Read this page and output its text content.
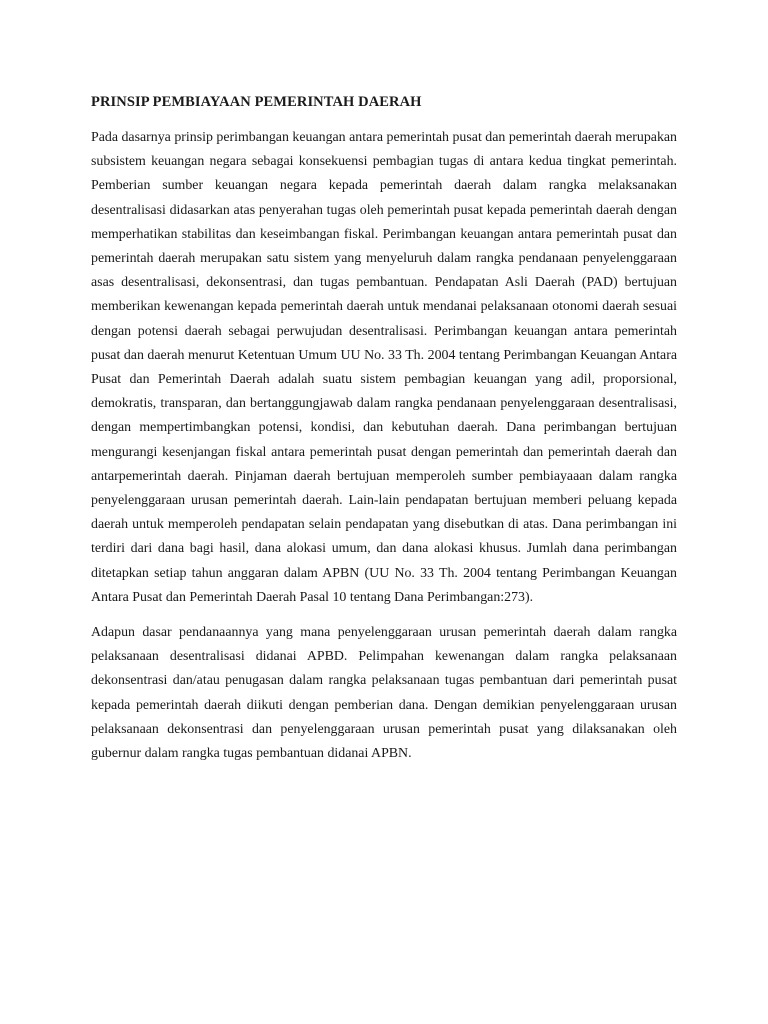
PRINSIP PEMBIAYAAN PEMERINTAH DAERAH

Pada dasarnya prinsip perimbangan keuangan antara pemerintah pusat dan pemerintah daerah merupakan subsistem keuangan negara sebagai konsekuensi pembagian tugas di antara kedua tingkat pemerintah. Pemberian sumber keuangan negara kepada pemerintah daerah dalam rangka melaksanakan desentralisasi didasarkan atas penyerahan tugas oleh pemerintah pusat kepada pemerintah daerah dengan memperhatikan stabilitas dan keseimbangan fiskal. Perimbangan keuangan antara pemerintah pusat dan pemerintah daerah merupakan satu sistem yang menyeluruh dalam rangka pendanaan penyelenggaraan asas desentralisasi, dekonsentrasi, dan tugas pembantuan. Pendapatan Asli Daerah (PAD) bertujuan memberikan kewenangan kepada pemerintah daerah untuk mendanai pelaksanaan otonomi daerah sesuai dengan potensi daerah sebagai perwujudan desentralisasi. Perimbangan keuangan antara pemerintah pusat dan daerah menurut Ketentuan Umum UU No. 33 Th. 2004 tentang Perimbangan Keuangan Antara Pusat dan Pemerintah Daerah adalah suatu sistem pembagian keuangan yang adil, proporsional, demokratis, transparan, dan bertanggungjawab dalam rangka pendanaan penyelenggaraan desentralisasi, dengan mempertimbangkan potensi, kondisi, dan kebutuhan daerah. Dana perimbangan bertujuan mengurangi kesenjangan fiskal antara pemerintah pusat dengan pemerintah dan pemerintah daerah dan antarpemerintah daerah. Pinjaman daerah bertujuan memperoleh sumber pembiayaaan dalam rangka penyelenggaraan urusan pemerintah daerah. Lain-lain pendapatan bertujuan memberi peluang kepada daerah untuk memperoleh pendapatan selain pendapatan yang disebutkan di atas. Dana perimbangan ini terdiri dari dana bagi hasil, dana alokasi umum, dan dana alokasi khusus. Jumlah dana perimbangan ditetapkan setiap tahun anggaran dalam APBN (UU No. 33 Th. 2004 tentang Perimbangan Keuangan Antara Pusat dan Pemerintah Daerah Pasal 10 tentang Dana Perimbangan:273).

Adapun dasar pendanaannya yang mana penyelenggaraan urusan pemerintah daerah dalam rangka pelaksanaan desentralisasi didanai APBD. Pelimpahan kewenangan dalam rangka pelaksanaan dekonsentrasi dan/atau penugasan dalam rangka pelaksanaan tugas pembantuan dari pemerintah pusat kepada pemerintah daerah diikuti dengan pemberian dana. Dengan demikian penyelenggaraan urusan pelaksanaan dekonsentrasi dan penyelenggaraan urusan pemerintah pusat yang dilaksanakan oleh gubernur dalam rangka tugas pembantuan didanai APBN.
